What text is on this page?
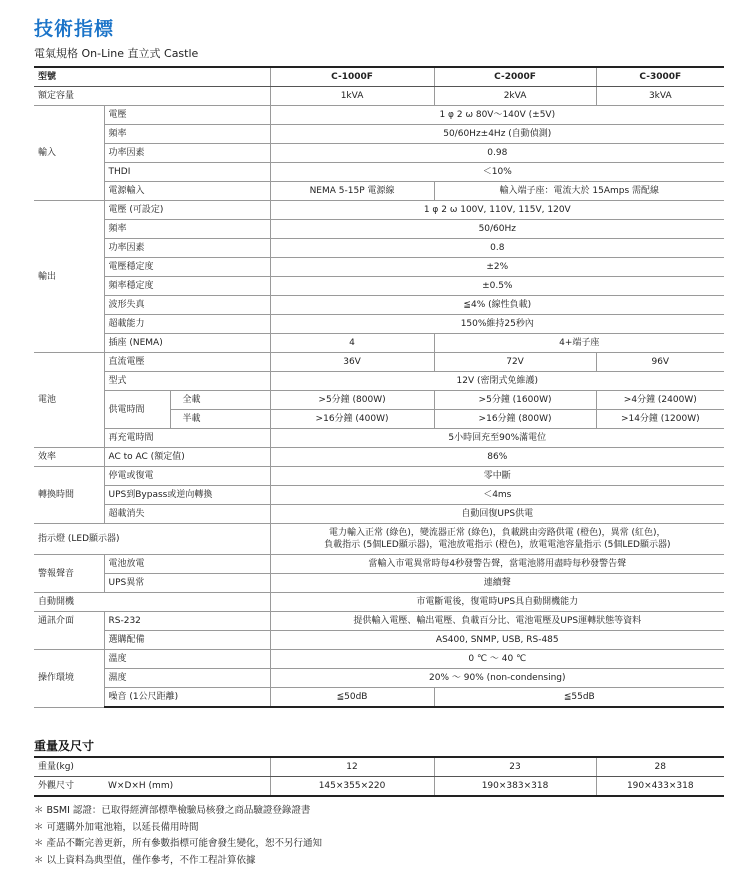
技術指標
電氣規格 On-Line 直立式 Castle
型號			C-1000F	C-2000F	C-3000F
額定容量			1kVA	2kVA	3kVA
輸入	電壓		1 φ 2 ω 80V～140V (±5V)		
	頻率		50/60Hz±4Hz (自動偵測)		
	功率因素		0.98		
	THDI		＜10%		
	電源輸入		NEMA 5-15P 電源線	輸入端子座：電流大於 15Amps 需配線	
輸出	電壓 (可設定)		1 φ 2 ω 100V, 110V, 115V, 120V		
	頻率		50/60Hz		
	功率因素		0.8		
	電壓穩定度		±2%		
	頻率穩定度		±0.5%		
	波形失真		≦4% (線性負載)		
	超載能力		150%維持25秒內		
	插座 (NEMA)		4	4+端子座	
電池	直流電壓		36V	72V	96V
	型式		12V (密閉式免維護)		
	供電時間	全載	>5分鐘 (800W)	>5分鐘 (1600W)	>4分鐘 (2400W)
		半載	>16分鐘 (400W)	>16分鐘 (800W)	>14分鐘 (1200W)
	再充電時間		5小時回充至90%滿電位		
效率	AC to AC (額定值)		86%		
轉換時間	停電或復電		零中斷		
	UPS到Bypass或逆向轉換		＜4ms		
	超載消失		自動回復UPS供電		
指示燈 (LED顯示器)			電力輸入正常 (綠色)，變流器正常 (綠色)，負載跳由旁路供電 (橙色)，異常 (紅色)，
負載指示 (5個LED顯示器)，電池放電指示 (橙色)，放電電池容量指示 (5個LED顯示器)		

警報聲音	電池放電		當輸入市電異常時每4秒發警告聲，當電池將用盡時每秒發警告聲		
	UPS異常		連續聲		
自動開機			市電斷電後，復電時UPS具自動開機能力		
通訊介面	RS-232		提供輸入電壓、輸出電壓、負載百分比、電池電壓及UPS運轉狀態等資料		
	選購配備		AS400, SNMP, USB, RS-485		
操作環境	溫度		0 ℃ ～ 40 ℃		
	濕度		20% ～ 90% (non-condensing)		
	噪音 (1公尺距離)		≦50dB	≦55dB	
重量及尺寸
重量(kg)		12	23	28
外觀尺寸	W×D×H (mm)	145×355×220	190×383×318	190×433×318
＊ BSMI 認證：已取得經濟部標準檢驗局核發之商品驗證登錄證書
＊ 可選購外加電池箱，以延長備用時間
＊ 產品不斷完善更新，所有參數指標可能會發生變化，恕不另行通知
＊ 以上資料為典型值，僅作參考，不作工程計算依據
